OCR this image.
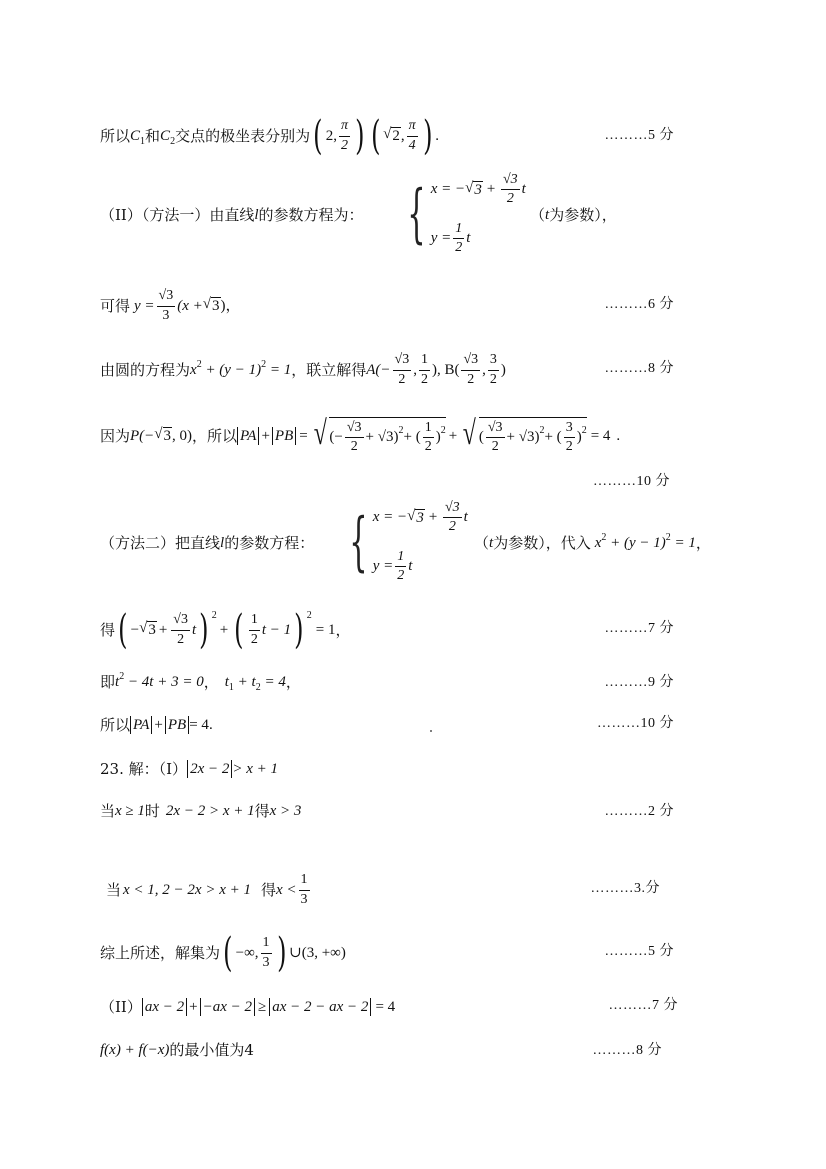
所以 $C_1$ 和 $C_2$ 交点的极坐表分别为 ( 2, $\frac{\pi}{2}$ ) ( √ 2 , $\frac{\pi}{4}$ ) .	………5 分
（II）（方法一）由直线 l 的参数方程为： { x = − √ $3 + \frac{√3}{2}$ t
$y = \frac{1}{2}$ t
（ t 为参数），
可得 $y = \frac{√3}{3} (x$ + √ 3 )，	………6 分
由圆的方程为 $x^2 + (y - 1)^2 = 1$ ，联立解得 $A(- \frac{√3}{2}$ , $\frac{1}{2}$ ), $B( \frac{√3}{2}$ , $\frac{3}{2}$ )	………8 分
因为 P(− √ 3 , 0) ，所以 PA + PB = √ (− $\frac{√3}{2} + √3$) 2 + ( $\frac{1}{2}$ ) 2 + √ ( $\frac{√3}{2} + √3$) 2 + ( $\frac{3}{2}$ ) 2 = 4 .
………10 分
（方法二）把直线 l 的参数方程： { x = − √ $3 + \frac{√3}{2}$ t
$y = \frac{1}{2}$ t
（ t 为参数），代入 $x^2 + (y - 1)^2 = 1$ ，
得 ( − √ $3 + \frac{√3}{2}$ t ) 2
+ ( $\frac{1}{2}$ t − 1 ) 2
= 1 ，	………7 分
即 $t^2 - 4t + 3 = 0$ ， $t_1 + t_2 = 4$ ，	………9 分
所以 PA + PB = 4 .	………10 分
23. 解：（Ⅰ） 2x − 2 > x + 1
当 x ≥ 1 时 2x − 2 > x + 1 得 x > 3	………2 分
当 x < 1, 2 − 2x > x + 1 得 $x < \frac{1}{3}$	………3.分
综上所述，解集为 ( −∞, $\frac{1}{3}$ ) ∪(3, +∞)	………5 分
（II） ax − 2 + −ax − 2 ≥ ax − 2 − ax − 2 = 4	………7 分
f(x) + f(−x) 的最小值为4	………8 分
